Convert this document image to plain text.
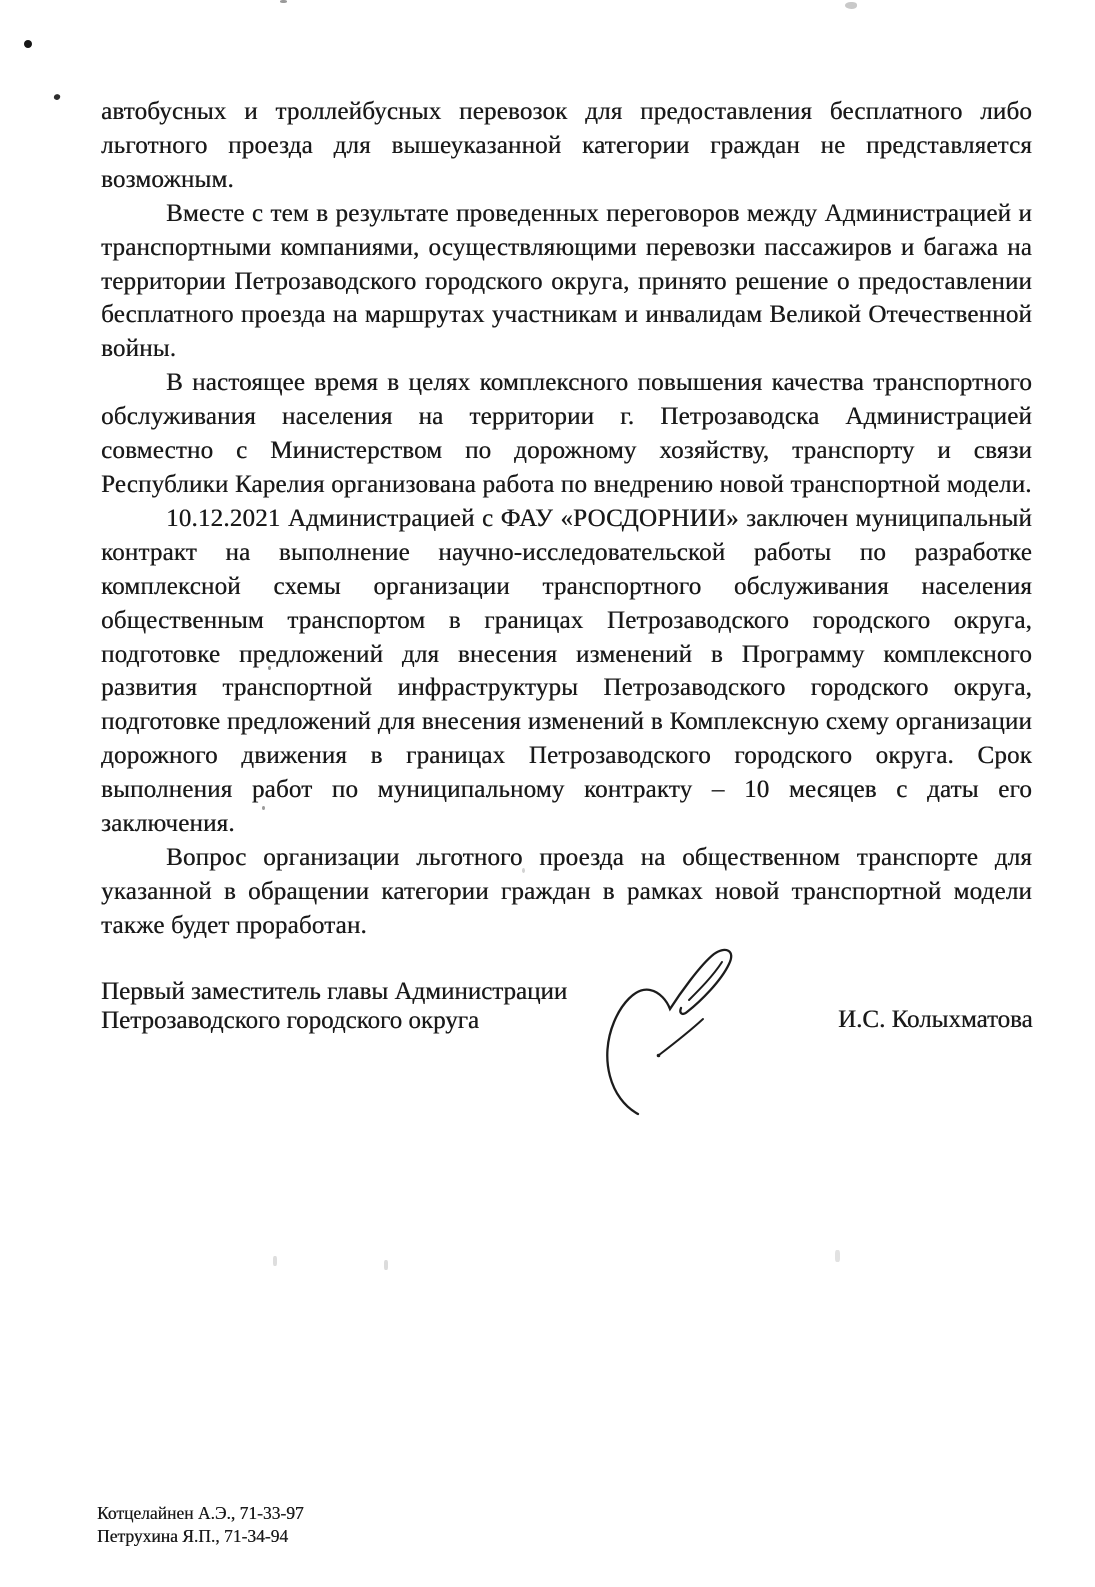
автобусных и троллейбусных перевозок для предоставления бесплатного либо льготного проезда для вышеуказанной категории граждан не представляется возможным.

Вместе с тем в результате проведенных переговоров между Администрацией и транспортными компаниями, осуществляющими перевозки пассажиров и багажа на территории Петрозаводского городского округа, принято решение о предоставлении бесплатного проезда на маршрутах участникам и инвалидам Великой Отечественной войны.

В настоящее время в целях комплексного повышения качества транспортного обслуживания населения на территории г. Петрозаводска Администрацией совместно с Министерством по дорожному хозяйству, транспорту и связи Республики Карелия организована работа по внедрению новой транспортной модели.

10.12.2021 Администрацией с ФАУ «РОСДОРНИИ» заключен муниципальный контракт на выполнение научно-исследовательской работы по разработке комплексной схемы организации транспортного обслуживания населения общественным транспортом в границах Петрозаводского городского округа, подготовке предложений для внесения изменений в Программу комплексного развития транспортной инфраструктуры Петрозаводского городского округа, подготовке предложений для внесения изменений в Комплексную схему организации дорожного движения в границах Петрозаводского городского округа. Срок выполнения работ по муниципальному контракту – 10 месяцев с даты его заключения.

Вопрос организации льготного проезда на общественном транспорте для указанной в обращении категории граждан в рамках новой транспортной модели также будет проработан.

Первый заместитель главы Администрации
Петрозаводского городского округа	И.С. Колыхматова
Котцелайнен А.Э., 71-33-97
Петрухина Я.П., 71-34-94
